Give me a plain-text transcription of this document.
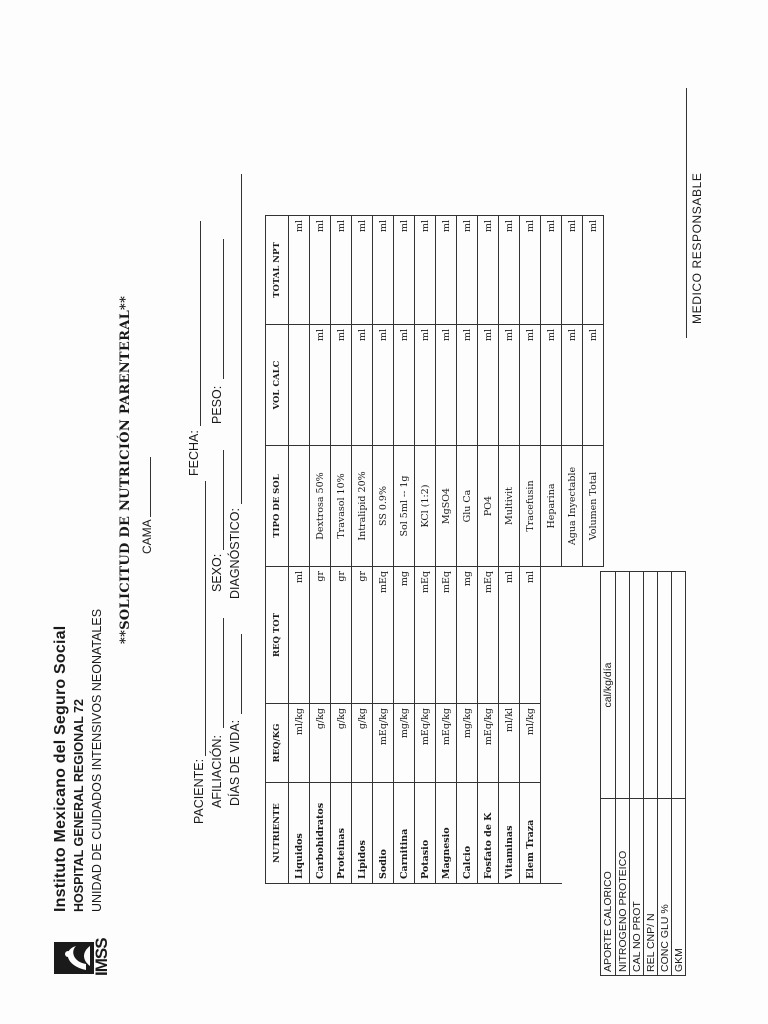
IMSS
Instituto Mexicano del Seguro Social HOSPITAL GENERAL REGIONAL 72 UNIDAD DE CUIDADOS INTENSIVOS NEONATALES
**SOLICITUD DE NUTRICIÓN PARENTERAL** CAMA
FECHA:
PACIENTE: AFILIACIÓN:
SEXO:
PESO:
DÍAS DE VIDA:
DIAGNÓSTICO:
NUTRIENTE	REQ/KG	REQ TOT	TIPO DE SOL	VOL CALC	TOTAL NPT
Liquidos	ml/kg	ml			ml
Carbohidratos	g/kg	gr	Dextrosa 50%	ml	ml
Proteinas	g/kg	gr	Travasol 10%	ml	ml
Lipidos	g/kg	gr	Intralipid 20%	ml	ml
Sodio	mEq/kg	mEq	SS 0.9%	ml	ml
Carnitina	mg/kg	mg	Sol 5ml -- 1g	ml	ml
Potasio	mEq/kg	mEq	KCl (1:2)	ml	ml
Magnesio	mEq/kg	mEq	MgSO4	ml	ml
Calcio	mg/kg	mg	Glu Ca	ml	ml
Fosfato de K	mEq/kg	mEq	PO4	ml	ml
Vitaminas	ml/kl	ml	Multivit	ml	ml
Elem Traza	ml/kg	ml	Tracefusin	ml	ml
			Heparina	ml	ml
			Agua Inyectable	ml	ml
			Volumen Total	ml	ml
APORTE CALORICO	cal/kg/día
NITROGENO PROTEICO	
CAL NO PROT	
REL CNP/ N	
CONC GLU %	
GKM	
MEDICO RESPONSABLE
